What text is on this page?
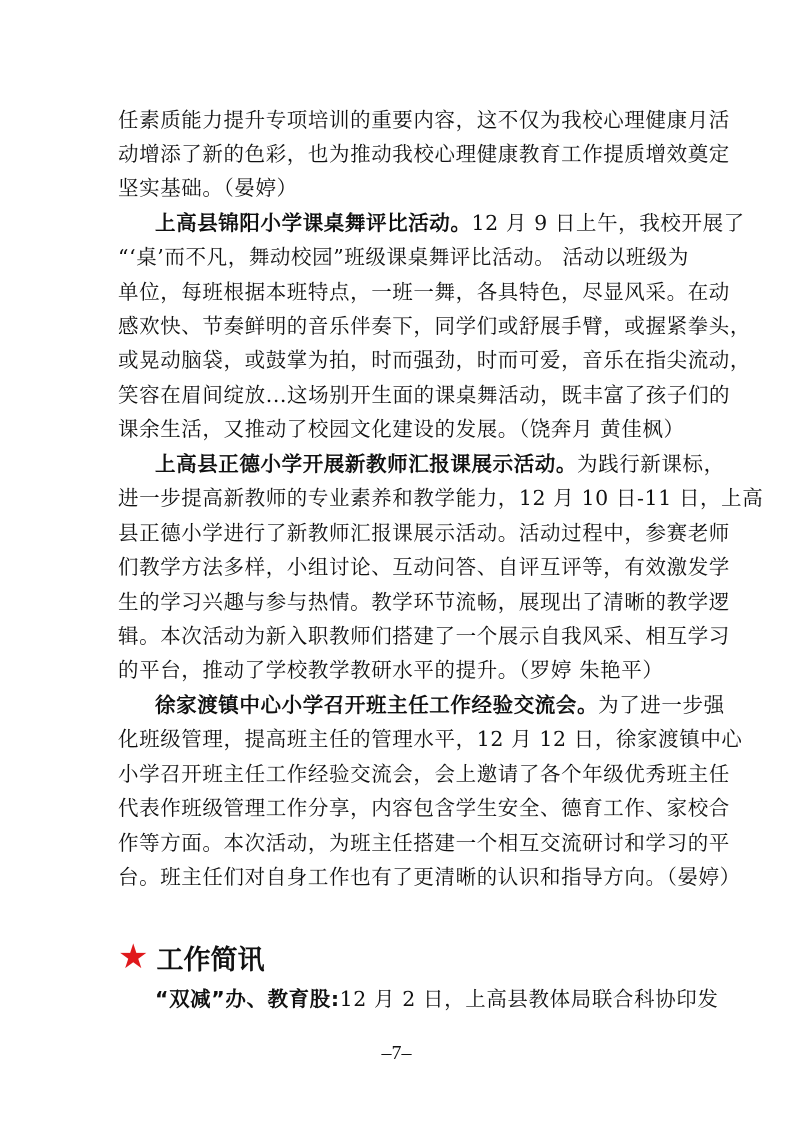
任素质能力提升专项培训的重要内容，这不仅为我校心理健康月活
动增添了新的色彩，也为推动我校心理健康教育工作提质增效奠定
坚实基础。（晏婷）
上高县锦阳小学课桌舞评比活动。12 月 9 日上午，我校开展了
“‘桌’而不凡，舞动校园”班级课桌舞评比活动。 活动以班级为
单位，每班根据本班特点，一班一舞，各具特色，尽显风采。在动
感欢快、节奏鲜明的音乐伴奏下，同学们或舒展手臂，或握紧拳头，
或晃动脑袋，或鼓掌为拍，时而强劲，时而可爱，音乐在指尖流动，
笑容在眉间绽放...这场别开生面的课桌舞活动，既丰富了孩子们的
课余生活，又推动了校园文化建设的发展。（饶奔月 黄佳枫）
上高县正德小学开展新教师汇报课展示活动。为践行新课标，
进一步提高新教师的专业素养和教学能力，12 月 10 日-11 日，上高
县正德小学进行了新教师汇报课展示活动。活动过程中，参赛老师
们教学方法多样，小组讨论、互动问答、自评互评等，有效激发学
生的学习兴趣与参与热情。教学环节流畅，展现出了清晰的教学逻
辑。本次活动为新入职教师们搭建了一个展示自我风采、相互学习
的平台，推动了学校教学教研水平的提升。（罗婷 朱艳平）
徐家渡镇中心小学召开班主任工作经验交流会。为了进一步强
化班级管理，提高班主任的管理水平，12 月 12 日，徐家渡镇中心
小学召开班主任工作经验交流会，会上邀请了各个年级优秀班主任
代表作班级管理工作分享，内容包含学生安全、德育工作、家校合
作等方面。本次活动，为班主任搭建一个相互交流研讨和学习的平
台。班主任们对自身工作也有了更清晰的认识和指导方向。（晏婷）
★ 工作简讯
“双减”办、教育股:12 月 2 日，上高县教体局联合科协印发
–7–
